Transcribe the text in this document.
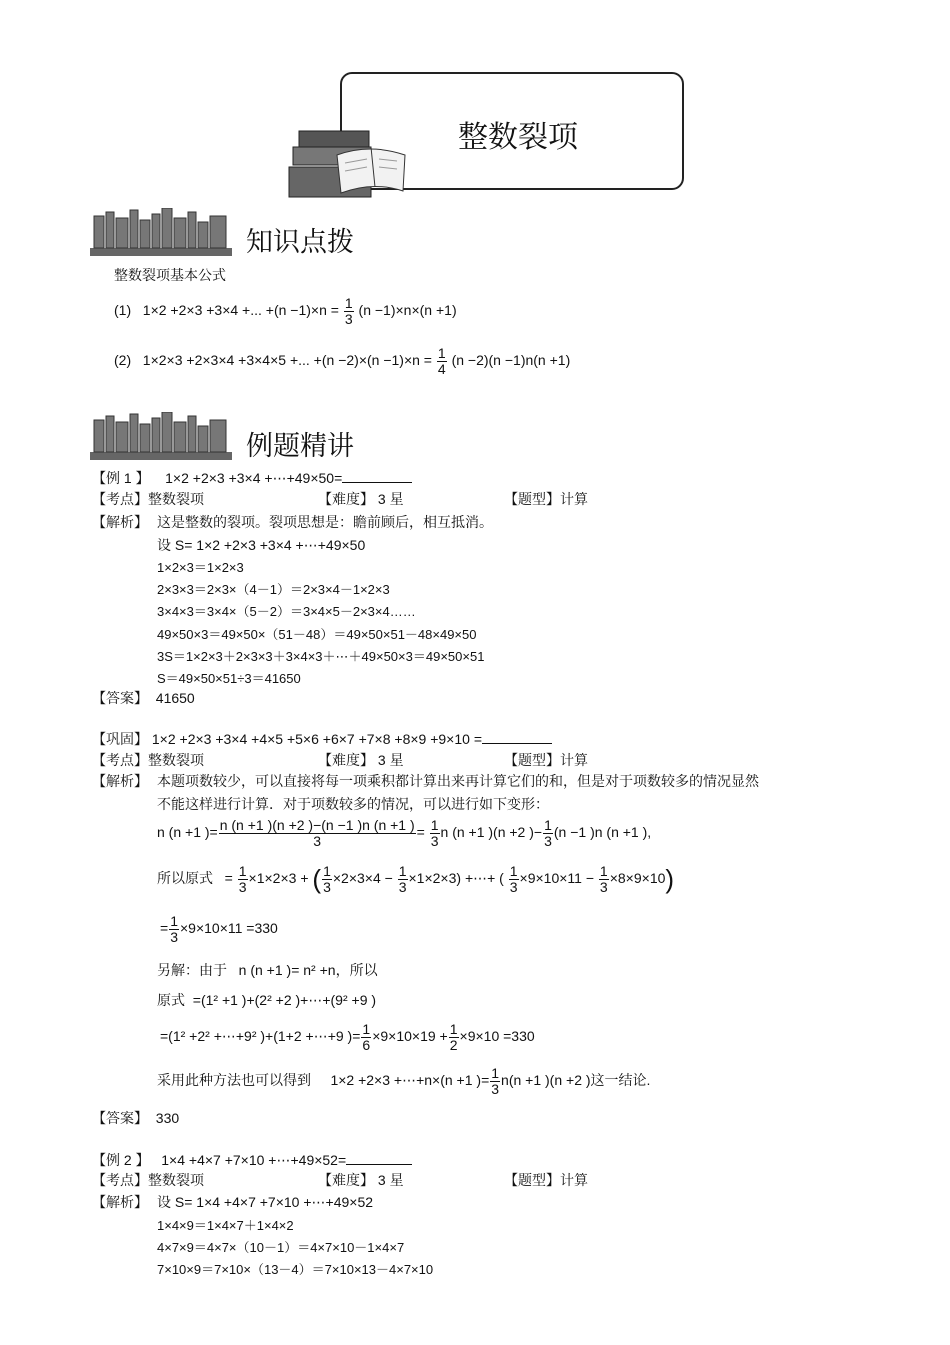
整数裂项
知识点拨
整数裂项基本公式
(1) 1×2 +2×3 +3×4 +... $+(n -1)\times n = \frac{1}{3} (n -1)\times n\times(n +1)$
(2) 1×2×3 +2×3×4 +3×4×5 +... $+(n -2)\times(n -1)\times n = \frac{1}{4} (n -2)(n -1)n(n +1)$
例题精讲
【例 1 】 1×2 +2×3 +3×4 +⋯+49×50=
【考点】整数裂项	【难度】 3 星	【题型】计算
【解析】 这是整数的裂项。裂项思想是：瞻前顾后，相互抵消。
设 S= 1×2 +2×3 +3×4 +⋯+49×50
1×2×3＝1×2×3
2×3×3＝2×3×（4－1）＝2×3×4－1×2×3
3×4×3＝3×4×（5－2）＝3×4×5－2×3×4……
49×50×3＝49×50×（51－48）＝49×50×51－48×49×50
3S＝1×2×3＋2×3×3＋3×4×3＋⋯＋49×50×3＝49×50×51
S＝49×50×51÷3＝41650
【答案】 41650
【巩固】 1×2 +2×3 +3×4 +4×5 +5×6 +6×7 +7×8 +8×9 +9×10 =
【考点】整数裂项	【难度】 3 星	【题型】计算
【解析】 本题项数较少，可以直接将每一项乘积都计算出来再计算它们的和，但是对于项数较多的情况显然
不能这样进行计算．对于项数较多的情况，可以进行如下变形：
n (n +1 )= $\frac{n (n +1 )(n +2 )-(n -1 )n (n +1 )}{3} = \frac{1}{3}$ n (n +1 )(n +2 )− $\frac{1}{3} (n -1$ )n (n +1 ),
所以原式 = $\frac{1}{3} \times 1\times 2\times 3$ + ( $\frac{1}{3} \times 2\times 3\times 4 - \frac{1}{3} \times 1\times 2\times 3$) +⋯+ ( $\frac{1}{3} \times 9\times 10\times 11 - \frac{1}{3} \times 8\times 9\times 10$)
= $\frac{1}{3} \times 9\times 10\times 11 =330$
另解：由于 n (n +1 )= n² +n，所以
原式 =(1² +1 )+(2² +2 )+⋯+(9² +9 )
=(1² +2² +⋯+9² )+(1+2 +⋯+9 )= $\frac{1}{6} \times 9\times 10\times 19 + \frac{1}{2} \times 9\times 10 =330$
采用此种方法也可以得到 1×2 +2×3 +⋯+n×(n +1 )= $\frac{1}{3} n(n +1$ )(n +2 )这一结论.
【答案】 330
【例 2 】 1×4 +4×7 +7×10 +⋯+49×52=
【考点】整数裂项	【难度】 3 星	【题型】计算
【解析】 设 S= 1×4 +4×7 +7×10 +⋯+49×52
1×4×9＝1×4×7＋1×4×2
4×7×9＝4×7×（10－1）＝4×7×10－1×4×7
7×10×9＝7×10×（13－4）＝7×10×13－4×7×10
